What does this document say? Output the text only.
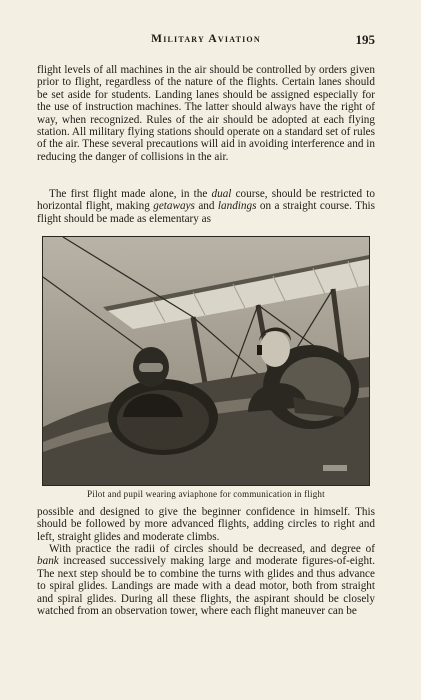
Military Aviation	195

flight levels of all machines in the air should be controlled by orders given prior to flight, regardless of the nature of the flights. Certain lanes should be set aside for students. Landing lanes should be assigned especially for the use of instruction machines. The latter should always have the right of way, when recognized. Rules of the air should be adopted at each flying station. All military flying stations should operate on a standard set of rules of the air. These several precautions will aid in avoiding interference and in reducing the danger of collisions in the air.

The first flight made alone, in the dual course, should be restricted to horizontal flight, making getaways and landings on a straight course. This flight should be made as elementary as

Pilot and pupil wearing aviaphone for communication in flight

possible and designed to give the beginner confidence in himself. This should be followed by more advanced flights, adding circles to right and left, straight glides and moderate climbs.

With practice the radii of circles should be decreased, and degree of bank increased successively making large and moderate figures-of-eight. The next step should be to combine the turns with glides and thus advance to spiral glides. Landings are made with a dead motor, both from straight and spiral glides. During all these flights, the aspirant should be closely watched from an observation tower, where each flight maneuver can be
